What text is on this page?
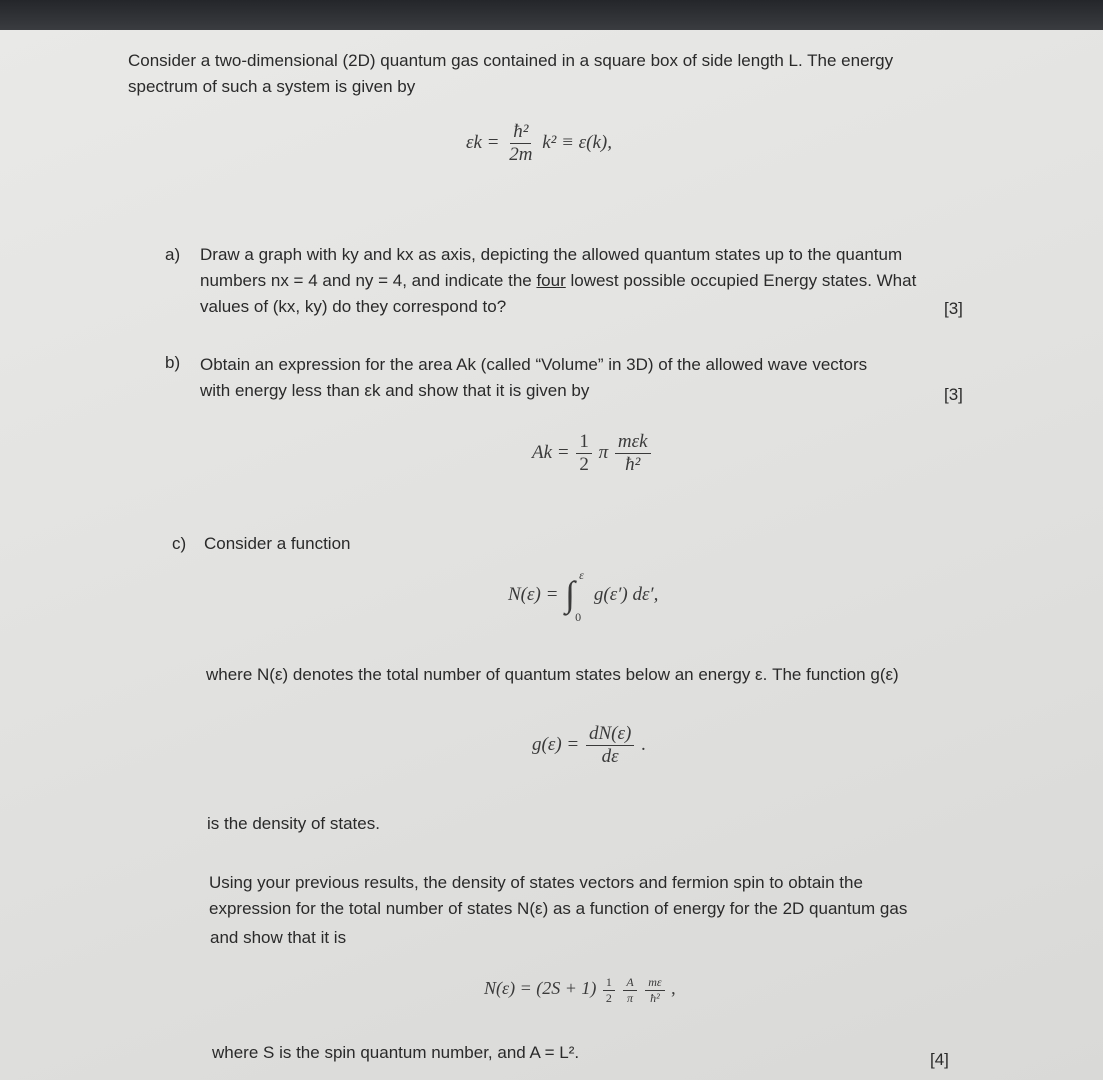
Consider a two-dimensional (2D) quantum gas contained in a square box of side length L. The energy
spectrum of such a system is given by
$\varepsilon k = \frac{\text{ħ²}}{2m} k^2 \equiv \varepsilon(k)$,
a) Draw a graph with ky and kx as axis, depicting the allowed quantum states up to the quantum
numbers nx = 4 and ny = 4, and indicate the four lowest possible occupied Energy states. What
values of (kx, ky) do they correspond to?	[3]
b) Obtain an expression for the area Ak (called “Volume” in 3D) of the allowed wave vectors
with energy less than εk and show that it is given by	[3]
$Ak = \frac{1}{2}$ π $\frac{\text{mεk}}{\text{ħ²}}$
c) Consider a function
N(ε) = ∫ ε
0
g(ε′) dε′,
where N(ε) denotes the total number of quantum states below an energy ε. The function g(ε)
$g(\varepsilon) = \frac{dN(\varepsilon)}{d\varepsilon}$ .
is the density of states.
Using your previous results, the density of states vectors and fermion spin to obtain the
expression for the total number of states N(ε) as a function of energy for the 2D quantum gas
and show that it is
$N(\varepsilon) = (2S + 1) \frac{1}{2}$
$\frac{A}{\pi}$
$\frac{m\varepsilon}{\text{ħ²}}$ ,
where S is the spin quantum number, and A = L².	[4]
